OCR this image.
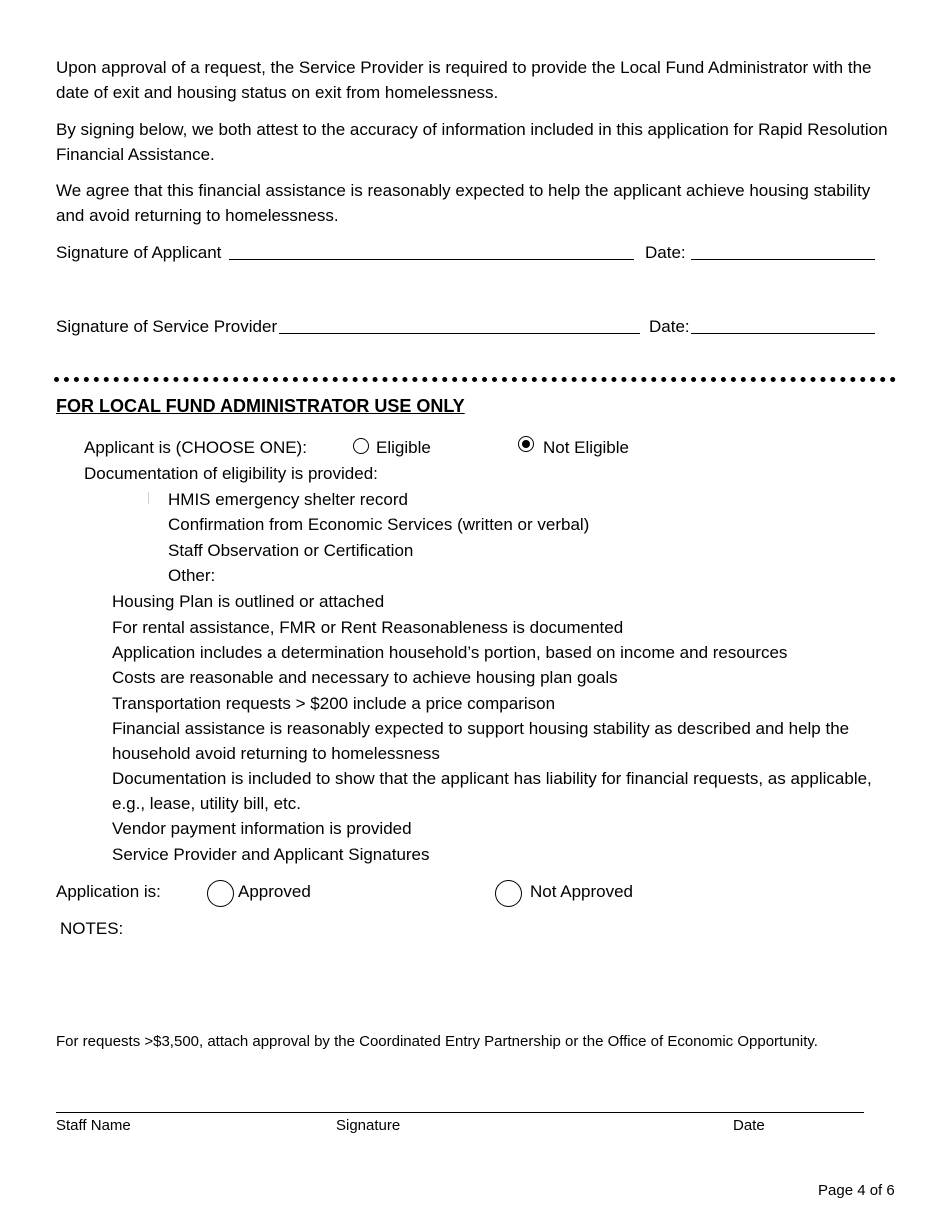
Upon approval of a request, the Service Provider is required to provide the Local Fund Administrator with the date of exit and housing status on exit from homelessness.
By signing below, we both attest to the accuracy of information included in this application for Rapid Resolution Financial Assistance.
We agree that this financial assistance is reasonably expected to help the applicant achieve housing stability and avoid returning to homelessness.
Signature of Applicant	Date:
Signature of Service Provider	Date:
FOR LOCAL FUND ADMINISTRATOR USE ONLY
Applicant is (CHOOSE ONE):	Eligible	Not Eligible
Documentation of eligibility is provided:
HMIS emergency shelter record
Confirmation from Economic Services (written or verbal)
Staff Observation or Certification
Other:
Housing Plan is outlined or attached
For rental assistance, FMR or Rent Reasonableness is documented
Application includes a determination household’s portion, based on income and resources
Costs are reasonable and necessary to achieve housing plan goals
Transportation requests > $200 include a price comparison
Financial assistance is reasonably expected to support housing stability as described and help the
household avoid returning to homelessness
Documentation is included to show that the applicant has liability for financial requests, as applicable,
e.g., lease, utility bill, etc.
Vendor payment information is provided
Service Provider and Applicant Signatures
Application is:	Approved	Not Approved
NOTES:
For requests >$3,500, attach approval by the Coordinated Entry Partnership or the Office of Economic Opportunity.
Staff Name	Signature	Date
Page 4 of 6
